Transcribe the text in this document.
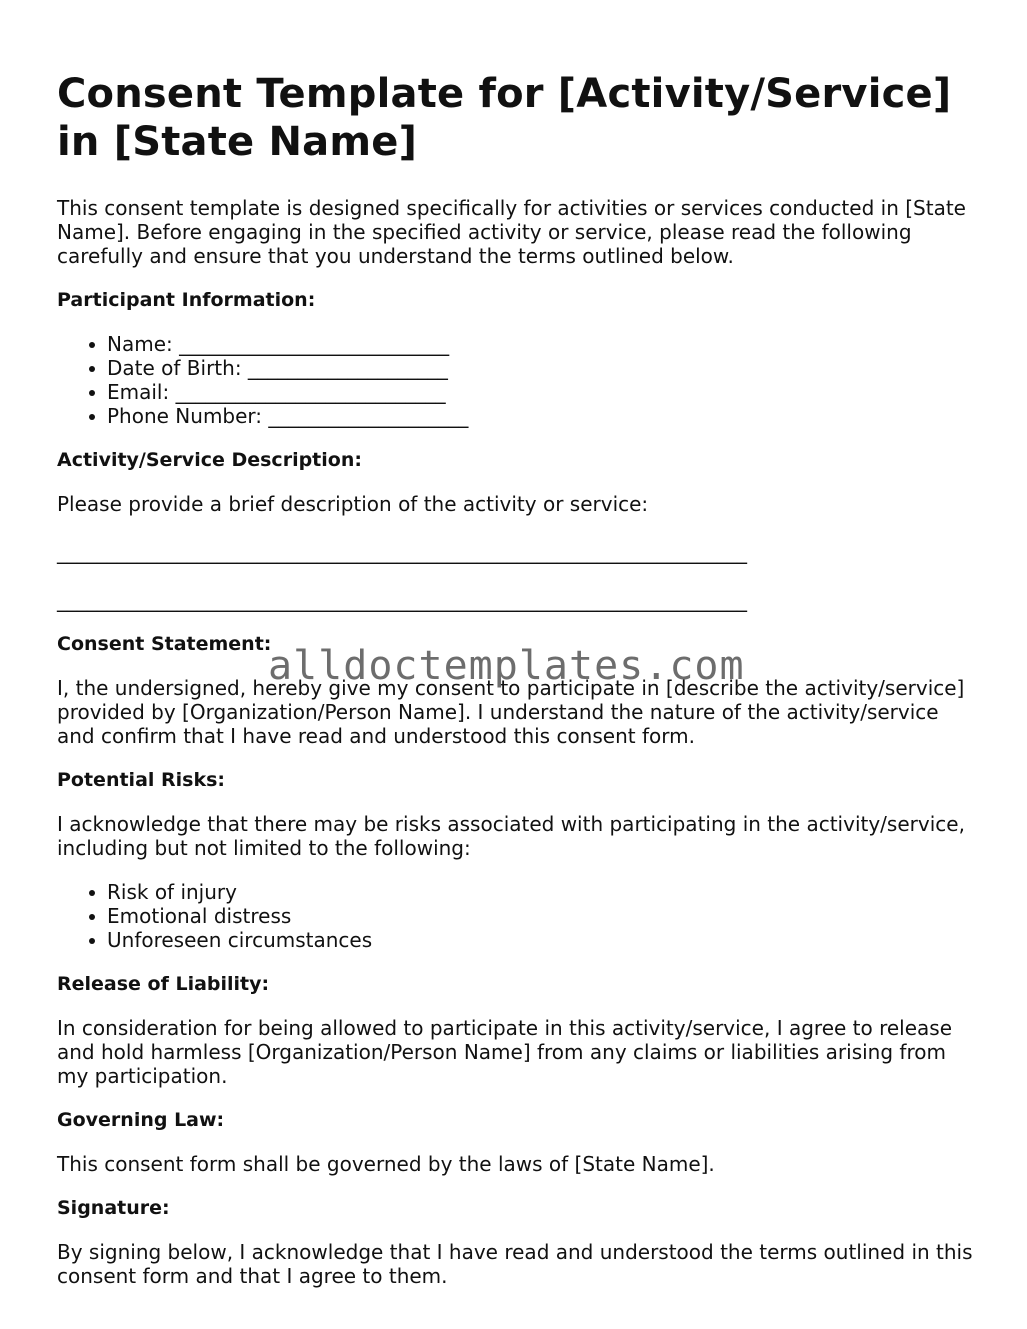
Consent Template for [Activity/Service] in [State Name]

This consent template is designed specifically for activities or services conducted in [State Name]. Before engaging in the specified activity or service, please read the following carefully and ensure that you understand the terms outlined below.

Participant Information:
Name: ___________________________
Date of Birth: ____________________
Email: ___________________________
Phone Number: ____________________
Activity/Service Description:

Please provide a brief description of the activity or service:

_____________________________________________________________________
_____________________________________________________________________
Consent Statement:

I, the undersigned, hereby give my consent to participate in [describe the activity/service] provided by [Organization/Person Name]. I understand the nature of the activity/service and confirm that I have read and understood this consent form.

Potential Risks:

I acknowledge that there may be risks associated with participating in the activity/service, including but not limited to the following:

Risk of injury
Emotional distress
Unforeseen circumstances
Release of Liability:

In consideration for being allowed to participate in this activity/service, I agree to release and hold harmless [Organization/Person Name] from any claims or liabilities arising from my participation.

Governing Law:

This consent form shall be governed by the laws of [State Name].

Signature:

By signing below, I acknowledge that I have read and understood the terms outlined in this consent form and that I agree to them.

alldoctemplates.com
